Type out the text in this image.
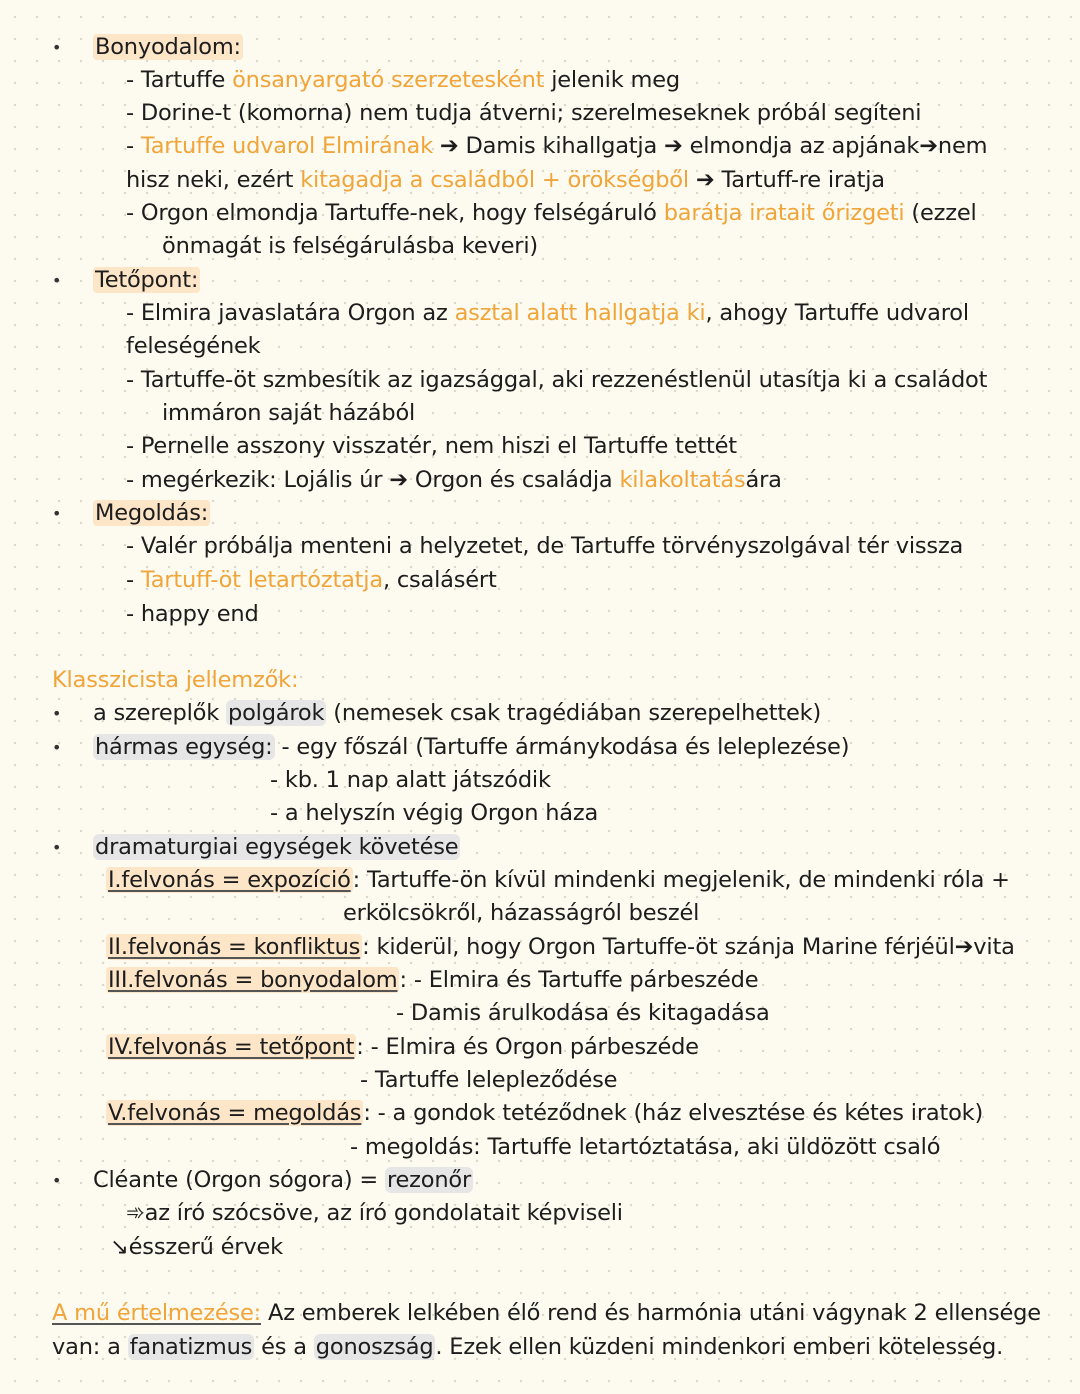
• Bonyodalom:
- Tartuffe önsanyargató szerzetesként jelenik meg
- Dorine-t (komorna) nem tudja átverni; szerelmeseknek próbál segíteni
- Tartuffe udvarol Elmirának ➔ Damis kihallgatja ➔ elmondja az apjának➔nem
hisz neki, ezért kitagadja a családból + örökségből ➔ Tartuff-re iratja
- Orgon elmondja Tartuffe-nek, hogy felségáruló barátja iratait őrizgeti (ezzel
önmagát is felségárulásba keveri)
• Tetőpont:
- Elmira javaslatára Orgon az asztal alatt hallgatja ki, ahogy Tartuffe udvarol
feleségének
- Tartuffe-öt szmbesítik az igazsággal, aki rezzenéstlenül utasítja ki a családot
immáron saját házából
- Pernelle asszony visszatér, nem hiszi el Tartuffe tettét
- megérkezik: Lojális úr ➔ Orgon és családja kilakoltatására
• Megoldás:
- Valér próbálja menteni a helyzetet, de Tartuffe törvényszolgával tér vissza
- Tartuff-öt letartóztatja, csalásért
- happy end
Klasszicista jellemzők:
• a szereplők polgárok (nemesek csak tragédiában szerepelhettek)
• hármas egység: - egy főszál (Tartuffe ármánykodása és leleplezése)
- kb. 1 nap alatt játszódik
- a helyszín végig Orgon háza
• dramaturgiai egységek követése
I.felvonás = expozíció: Tartuffe-ön kívül mindenki megjelenik, de mindenki róla +
erkölcsökről, házasságról beszél
II.felvonás = konfliktus: kiderül, hogy Orgon Tartuffe-öt szánja Marine férjéül➔vita
III.felvonás = bonyodalom: - Elmira és Tartuffe párbeszéde
- Damis árulkodása és kitagadása
IV.felvonás = tetőpont: - Elmira és Orgon párbeszéde
- Tartuffe lelepleződése
V.felvonás = megoldás: - a gondok tetéződnek (ház elvesztése és kétes iratok)
- megoldás: Tartuffe letartóztatása, aki üldözött csaló
• Cléante (Orgon sógora) = rezonőr
➾az író szócsöve, az író gondolatait képviseli
↘ésszerű érvek
A mű értelmezése: Az emberek lelkében élő rend és harmónia utáni vágynak 2 ellensége
van: a fanatizmus és a gonoszság. Ezek ellen küzdeni mindenkori emberi kötelesség.
